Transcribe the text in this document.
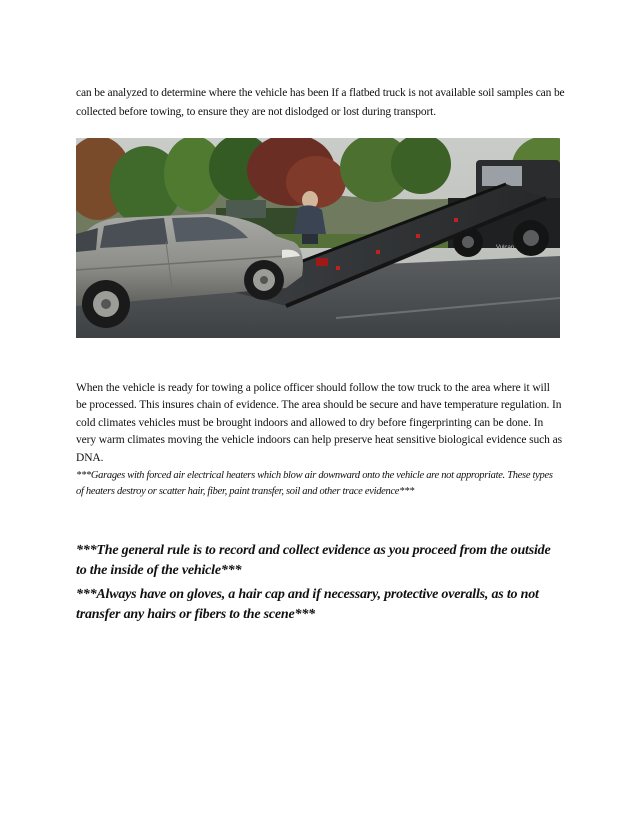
can be analyzed to determine where the vehicle has been If a flatbed truck is not available soil samples can be collected before towing, to ensure they are not dislodged or lost during transport.

Vulcan

When the vehicle is ready for towing a police officer should follow the tow truck to the area where it will be processed. This insures chain of evidence. The area should be secure and have temperature regulation. In cold climates vehicles must be brought indoors and allowed to dry before fingerprinting can be done. In very warm climates moving the vehicle indoors can help preserve heat sensitive biological evidence such as DNA.

***Garages with forced air electrical heaters which blow air downward onto the vehicle are not appropriate. These types of heaters destroy or scatter hair, fiber, paint transfer, soil and other trace evidence***

***The general rule is to record and collect evidence as you proceed from the outside to the inside of the vehicle***

***Always have on gloves, a hair cap and if necessary, protective overalls, as to not transfer any hairs or fibers to the scene***
